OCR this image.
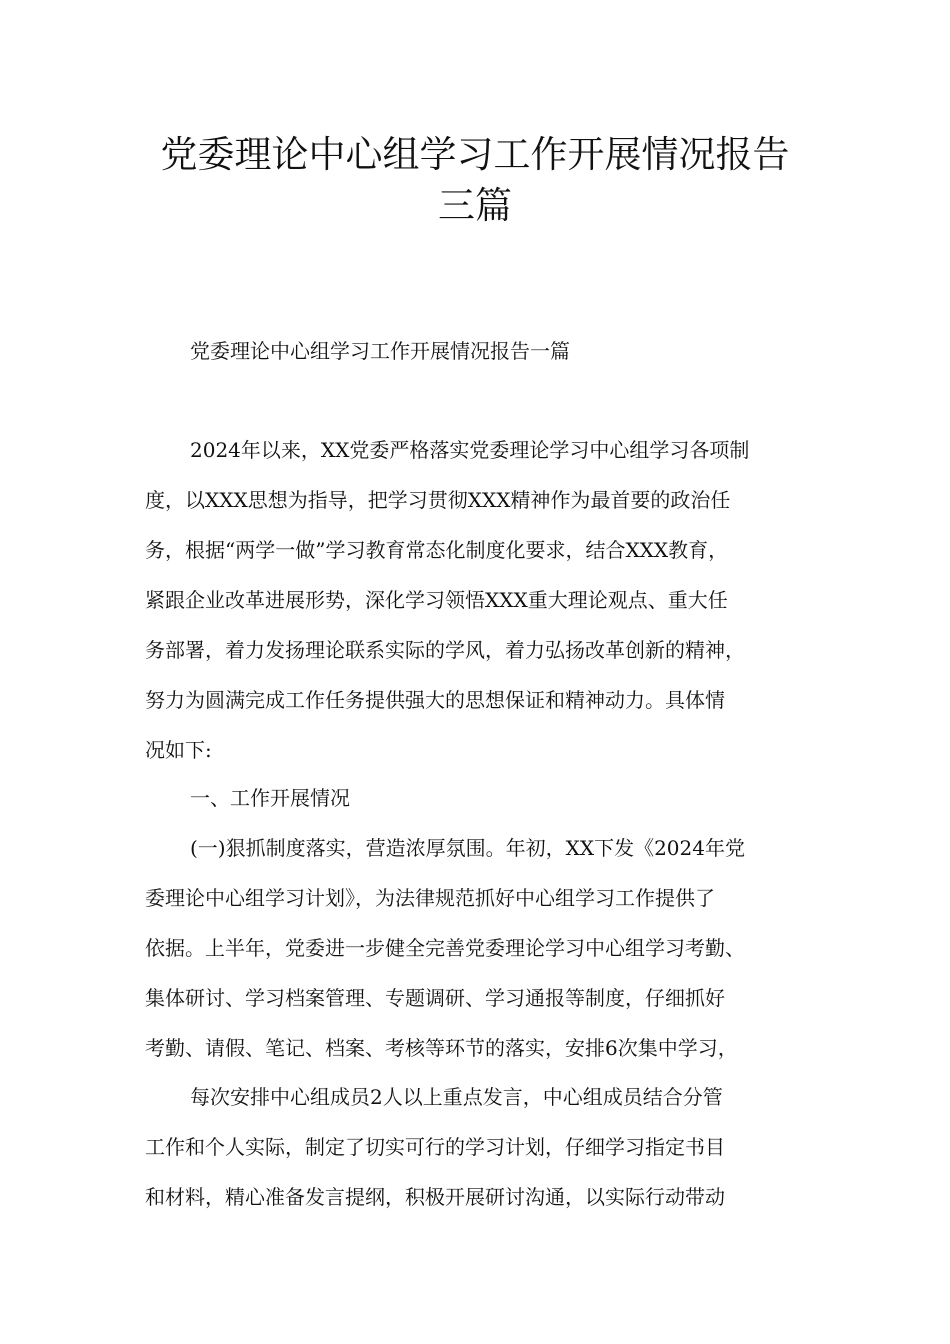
党委理论中心组学习工作开展情况报告
三篇

党委理论中心组学习工作开展情况报告一篇

2024年以来，XX党委严格落实党委理论学习中心组学习各项制
度，以XXX思想为指导，把学习贯彻XXX精神作为最首要的政治任
务，根据“两学一做”学习教育常态化制度化要求，结合XXX教育，
紧跟企业改革进展形势，深化学习领悟XXX重大理论观点、重大任
务部署，着力发扬理论联系实际的学风，着力弘扬改革创新的精神，
努力为圆满完成工作任务提供强大的思想保证和精神动力。具体情
况如下:
一、工作开展情况
(一)狠抓制度落实，营造浓厚氛围。年初，XX下发《2024年党
委理论中心组学习计划》，为法律规范抓好中心组学习工作提供了
依据。上半年，党委进一步健全完善党委理论学习中心组学习考勤、
集体研讨、学习档案管理、专题调研、学习通报等制度，仔细抓好
考勤、请假、笔记、档案、考核等环节的落实，安排6次集中学习，
每次安排中心组成员2人以上重点发言，中心组成员结合分管
工作和个人实际，制定了切实可行的学习计划，仔细学习指定书目
和材料，精心准备发言提纲，积极开展研讨沟通，以实际行动带动
